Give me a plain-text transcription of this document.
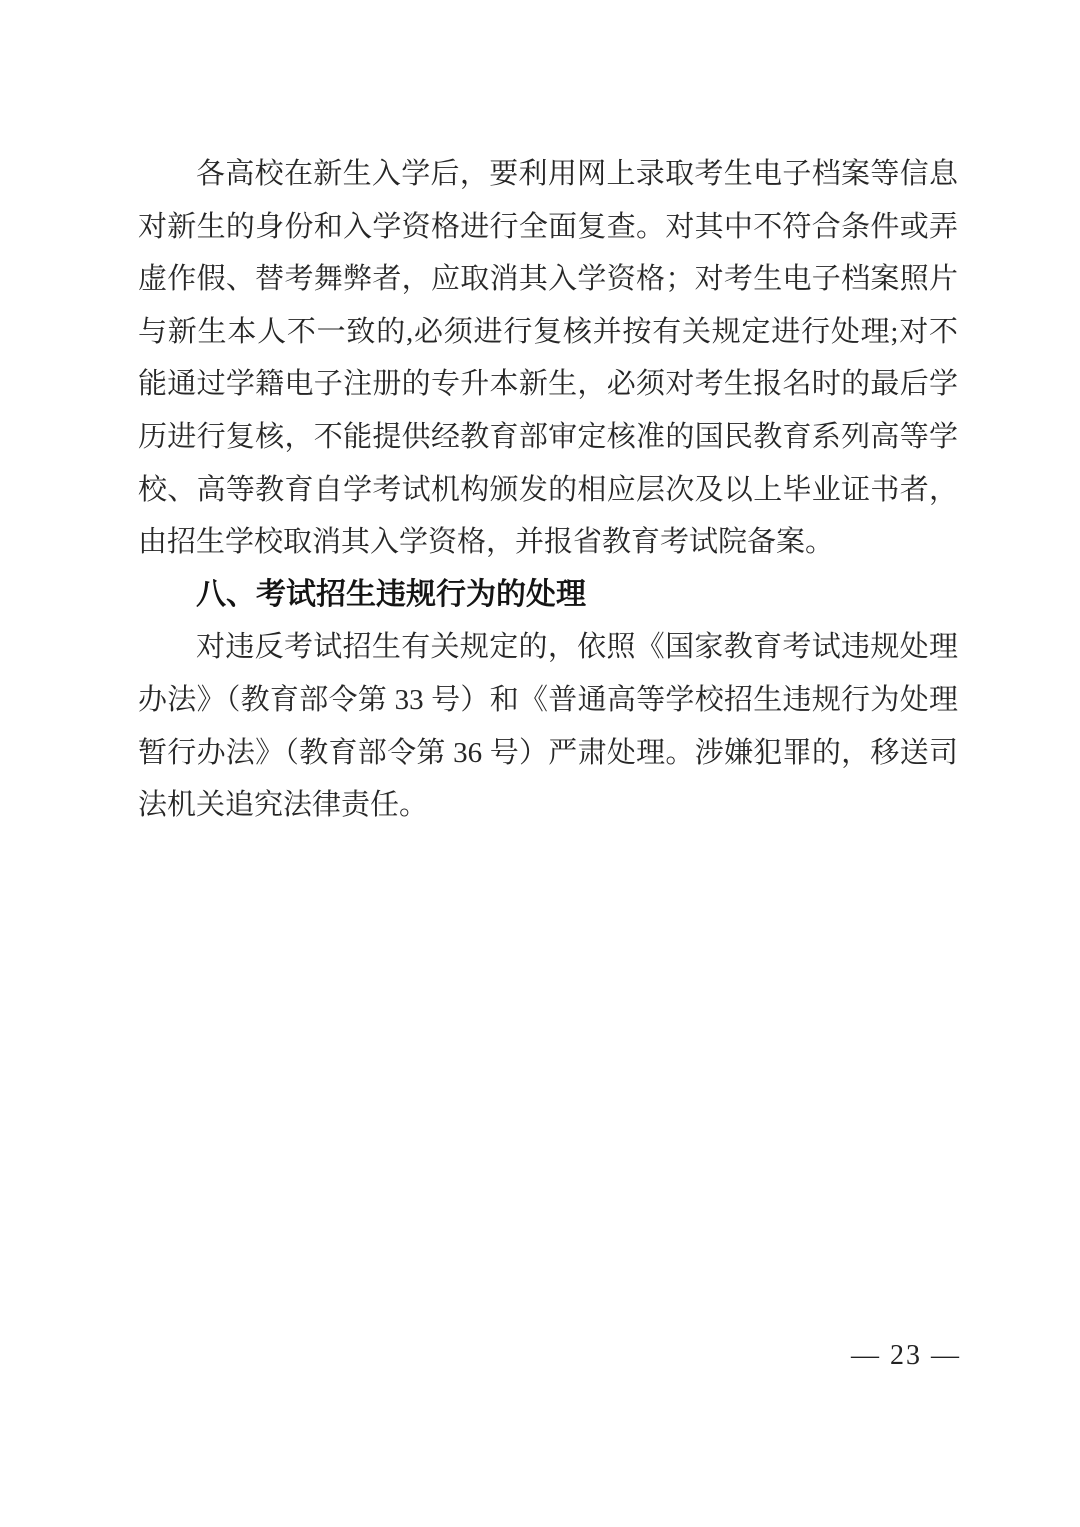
各高校在新生入学后，要利用网上录取考生电子档案等信息
对新生的身份和入学资格进行全面复查。对其中不符合条件或弄
虚作假、替考舞弊者，应取消其入学资格；对考生电子档案照片
与新生本人不一致的,必须进行复核并按有关规定进行处理;对不
能通过学籍电子注册的专升本新生，必须对考生报名时的最后学
历进行复核，不能提供经教育部审定核准的国民教育系列高等学
校、高等教育自学考试机构颁发的相应层次及以上毕业证书者，
由招生学校取消其入学资格，并报省教育考试院备案。
八、考试招生违规行为的处理
对违反考试招生有关规定的，依照《国家教育考试违规处理
办法》（教育部令第 33 号）和《普通高等学校招生违规行为处理
暂行办法》（教育部令第 36 号）严肃处理。涉嫌犯罪的，移送司
法机关追究法律责任。
— 23 —
